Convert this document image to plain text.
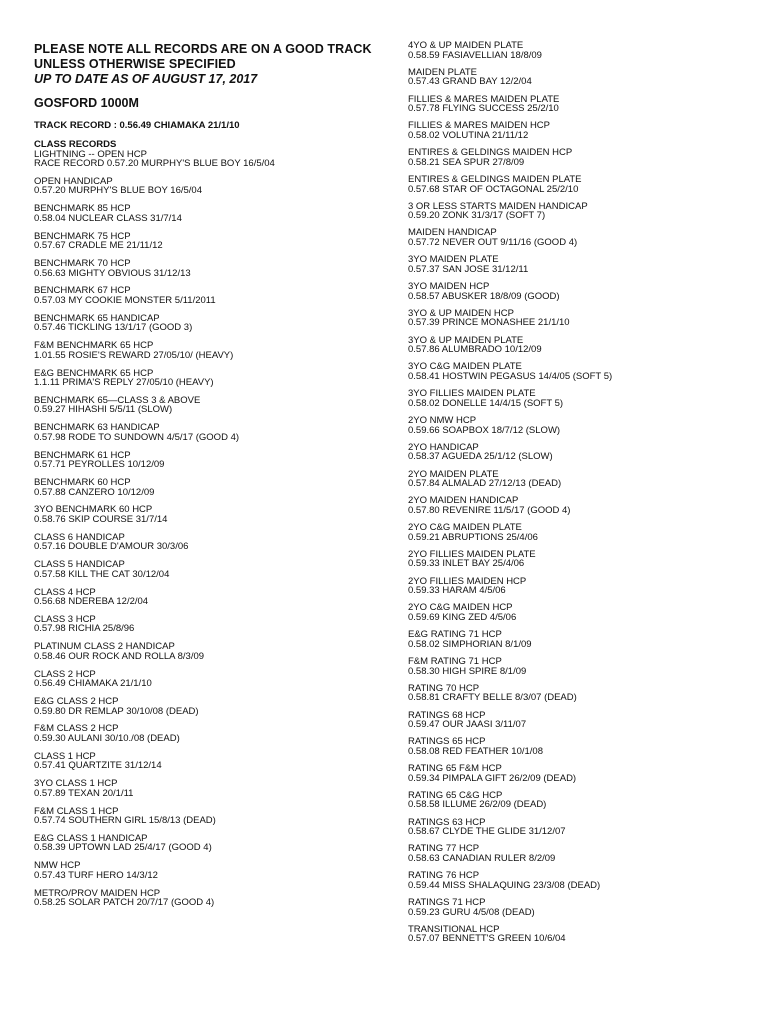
PLEASE NOTE ALL RECORDS ARE ON A GOOD TRACK
UNLESS OTHERWISE SPECIFIED
UP TO DATE AS OF AUGUST 17, 2017
GOSFORD 1000M
TRACK RECORD : 0.56.49 CHIAMAKA 21/1/10
CLASS RECORDS
LIGHTNING -- OPEN HCP
RACE RECORD 0.57.20 MURPHY'S BLUE BOY 16/5/04
OPEN HANDICAP
0.57.20 MURPHY'S BLUE BOY 16/5/04
BENCHMARK 85 HCP
0.58.04 NUCLEAR CLASS 31/7/14
BENCHMARK 75 HCP
0.57.67 CRADLE ME 21/11/12
BENCHMARK 70 HCP
0.56.63 MIGHTY OBVIOUS 31/12/13
BENCHMARK 67 HCP
0.57.03 MY COOKIE MONSTER 5/11/2011
BENCHMARK 65 HANDICAP
0.57.46 TICKLING 13/1/17 (GOOD 3)
F&M BENCHMARK 65 HCP
1.01.55 ROSIE'S REWARD 27/05/10/ (HEAVY)
E&G BENCHMARK 65 HCP
1.1.11 PRIMA'S REPLY 27/05/10 (HEAVY)
BENCHMARK 65—CLASS 3 & ABOVE
0.59.27 HIHASHI 5/5/11 (SLOW)
BENCHMARK 63 HANDICAP
0.57.98 RODE TO SUNDOWN 4/5/17 (GOOD 4)
BENCHMARK 61 HCP
0.57.71 PEYROLLES 10/12/09
BENCHMARK 60 HCP
0.57.88 CANZERO 10/12/09
3YO BENCHMARK 60 HCP
0.58.76 SKIP COURSE 31/7/14
CLASS 6 HANDICAP
0.57.16 DOUBLE D'AMOUR 30/3/06
CLASS 5 HANDICAP
0.57.58 KILL THE CAT 30/12/04
CLASS 4 HCP
0.56.68 NDEREBA 12/2/04
CLASS 3 HCP
0.57.98 RICHIA 25/8/96
PLATINUM CLASS 2 HANDICAP
0.58.46 OUR ROCK AND ROLLA 8/3/09
CLASS 2 HCP
0.56.49 CHIAMAKA 21/1/10
E&G CLASS 2 HCP
0.59.80 DR REMLAP 30/10/08 (DEAD)
F&M CLASS 2 HCP
0.59.30 AULANI 30/10./08 (DEAD)
CLASS 1 HCP
0.57.41 QUARTZITE 31/12/14
3YO CLASS 1 HCP
0.57.89 TEXAN 20/1/11
F&M CLASS 1 HCP
0.57.74 SOUTHERN GIRL 15/8/13 (DEAD)
E&G CLASS 1 HANDICAP
0.58.39 UPTOWN LAD 25/4/17 (GOOD 4)
NMW HCP
0.57.43 TURF HERO 14/3/12
METRO/PROV MAIDEN HCP
0.58.25 SOLAR PATCH 20/7/17 (GOOD 4)
4YO & UP MAIDEN PLATE
0.58.59 FASIAVELLIAN 18/8/09
MAIDEN PLATE
0.57.43 GRAND BAY 12/2/04
FILLIES & MARES MAIDEN PLATE
0.57.78 FLYING SUCCESS 25/2/10
FILLIES & MARES MAIDEN HCP
0.58.02 VOLUTINA 21/11/12
ENTIRES & GELDINGS MAIDEN HCP
0.58.21 SEA SPUR 27/8/09
ENTIRES & GELDINGS MAIDEN PLATE
0.57.68 STAR OF OCTAGONAL 25/2/10
3 OR LESS STARTS MAIDEN HANDICAP
0.59.20 ZONK 31/3/17 (SOFT 7)
MAIDEN HANDICAP
0.57.72 NEVER OUT 9/11/16 (GOOD 4)
3YO MAIDEN PLATE
0.57.37 SAN JOSE 31/12/11
3YO MAIDEN HCP
0.58.57 ABUSKER 18/8/09 (GOOD)
3YO & UP MAIDEN HCP
0.57.39 PRINCE MONASHEE 21/1/10
3YO & UP MAIDEN PLATE
0.57.86 ALUMBRADO 10/12/09
3YO C&G MAIDEN PLATE
0.58.41 HOSTWIN PEGASUS 14/4/05 (SOFT 5)
3YO FILLIES MAIDEN PLATE
0.58.02 DONELLE 14/4/15 (SOFT 5)
2YO NMW HCP
0.59.66 SOAPBOX 18/7/12 (SLOW)
2YO HANDICAP
0.58.37 AGUEDA 25/1/12 (SLOW)
2YO MAIDEN PLATE
0.57.84 ALMALAD 27/12/13 (DEAD)
2YO MAIDEN HANDICAP
0.57.80 REVENIRE 11/5/17 (GOOD 4)
2YO C&G MAIDEN PLATE
0.59.21 ABRUPTIONS 25/4/06
2YO FILLIES MAIDEN PLATE
0.59.33 INLET BAY 25/4/06
2YO FILLIES MAIDEN HCP
0.59.33 HARAM 4/5/06
2YO C&G MAIDEN HCP
0.59.69 KING ZED 4/5/06
E&G RATING 71 HCP
0.58.02 SIMPHORIAN 8/1/09
F&M RATING 71 HCP
0.58.30 HIGH SPIRE 8/1/09
RATING 70 HCP
0.58.81 CRAFTY BELLE 8/3/07 (DEAD)
RATINGS 68 HCP
0.59.47 OUR JAASI 3/11/07
RATINGS 65 HCP
0.58.08 RED FEATHER 10/1/08
RATING 65 F&M HCP
0.59.34 PIMPALA GIFT 26/2/09 (DEAD)
RATING 65 C&G HCP
0.58.58 ILLUME 26/2/09 (DEAD)
RATINGS 63 HCP
0.58.67 CLYDE THE GLIDE 31/12/07
RATING 77 HCP
0.58.63 CANADIAN RULER 8/2/09
RATING 76 HCP
0.59.44 MISS SHALAQUING 23/3/08 (DEAD)
RATINGS 71 HCP
0.59.23 GURU 4/5/08 (DEAD)
TRANSITIONAL HCP
0.57.07 BENNETT'S GREEN 10/6/04
